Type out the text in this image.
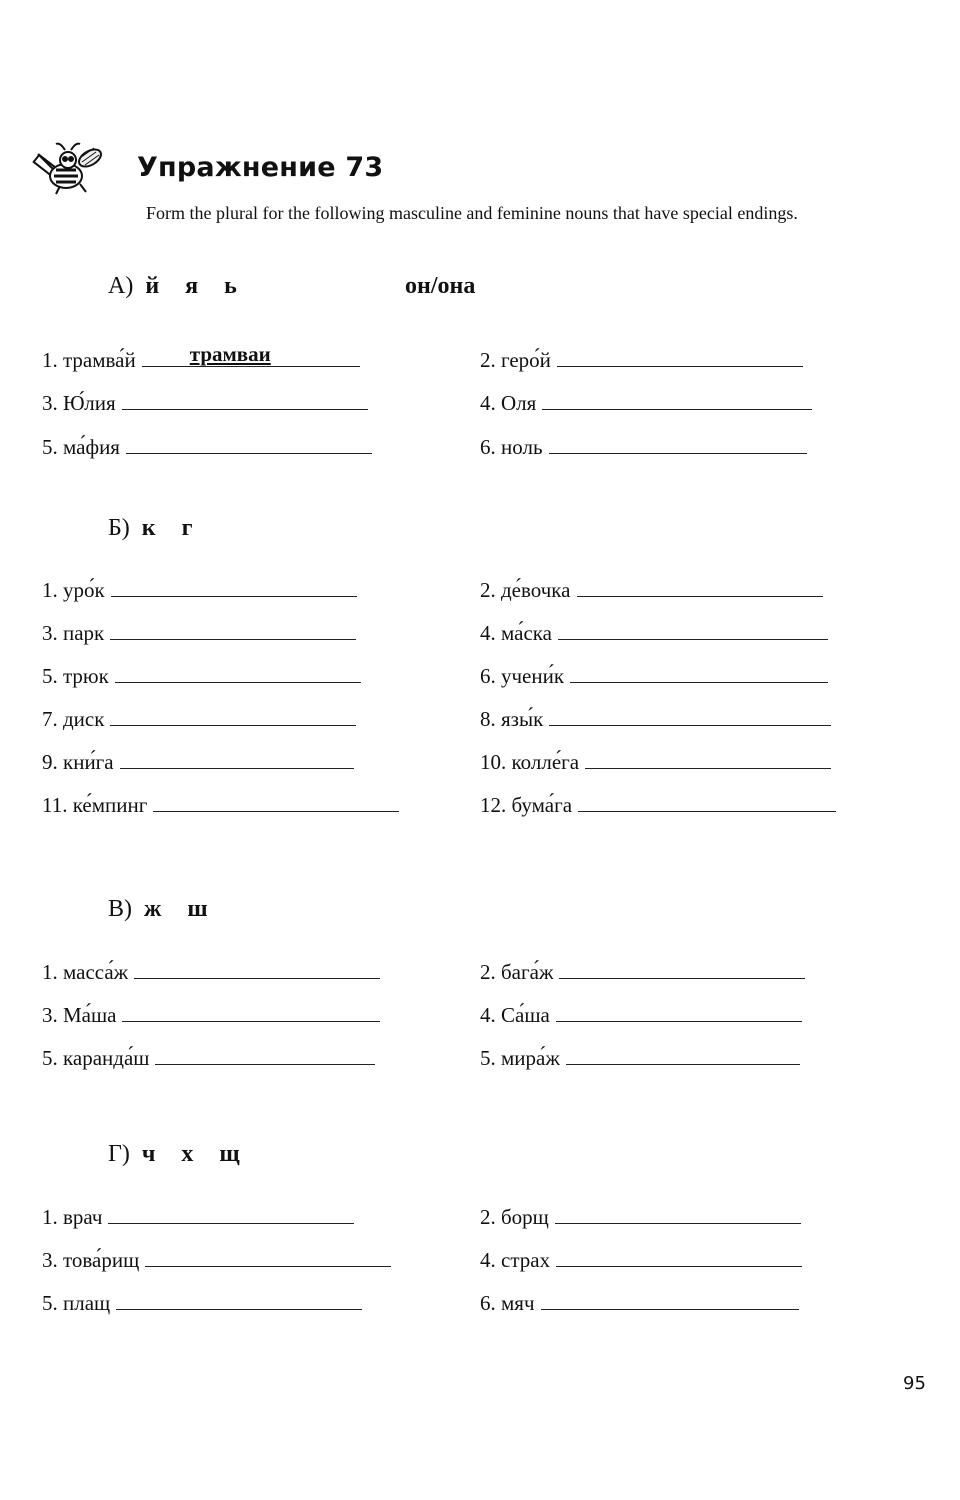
Упражнение 73
Form the plural for the following masculine and feminine nouns that have special endings.
А) й я ь	он/она
1. трамва́й	трамваи	2. геро́й
3. Ю́лия	4. Оля
5. ма́фия	6. ноль
Б) к г
1. уро́к	2. де́вочка
3. парк	4. ма́ска
5. трюк	6. учени́к
7. диск	8. язы́к
9. кни́га	10. колле́га
11. ке́мпинг	12. бума́га
В) ж ш
1. масса́ж	2. бага́ж
3. Ма́ша	4. Са́ша
5. каранда́ш	5. мира́ж
Г) ч х щ
1. врач	2. борщ
3. това́рищ	4. страх
5. плащ	6. мяч
95
